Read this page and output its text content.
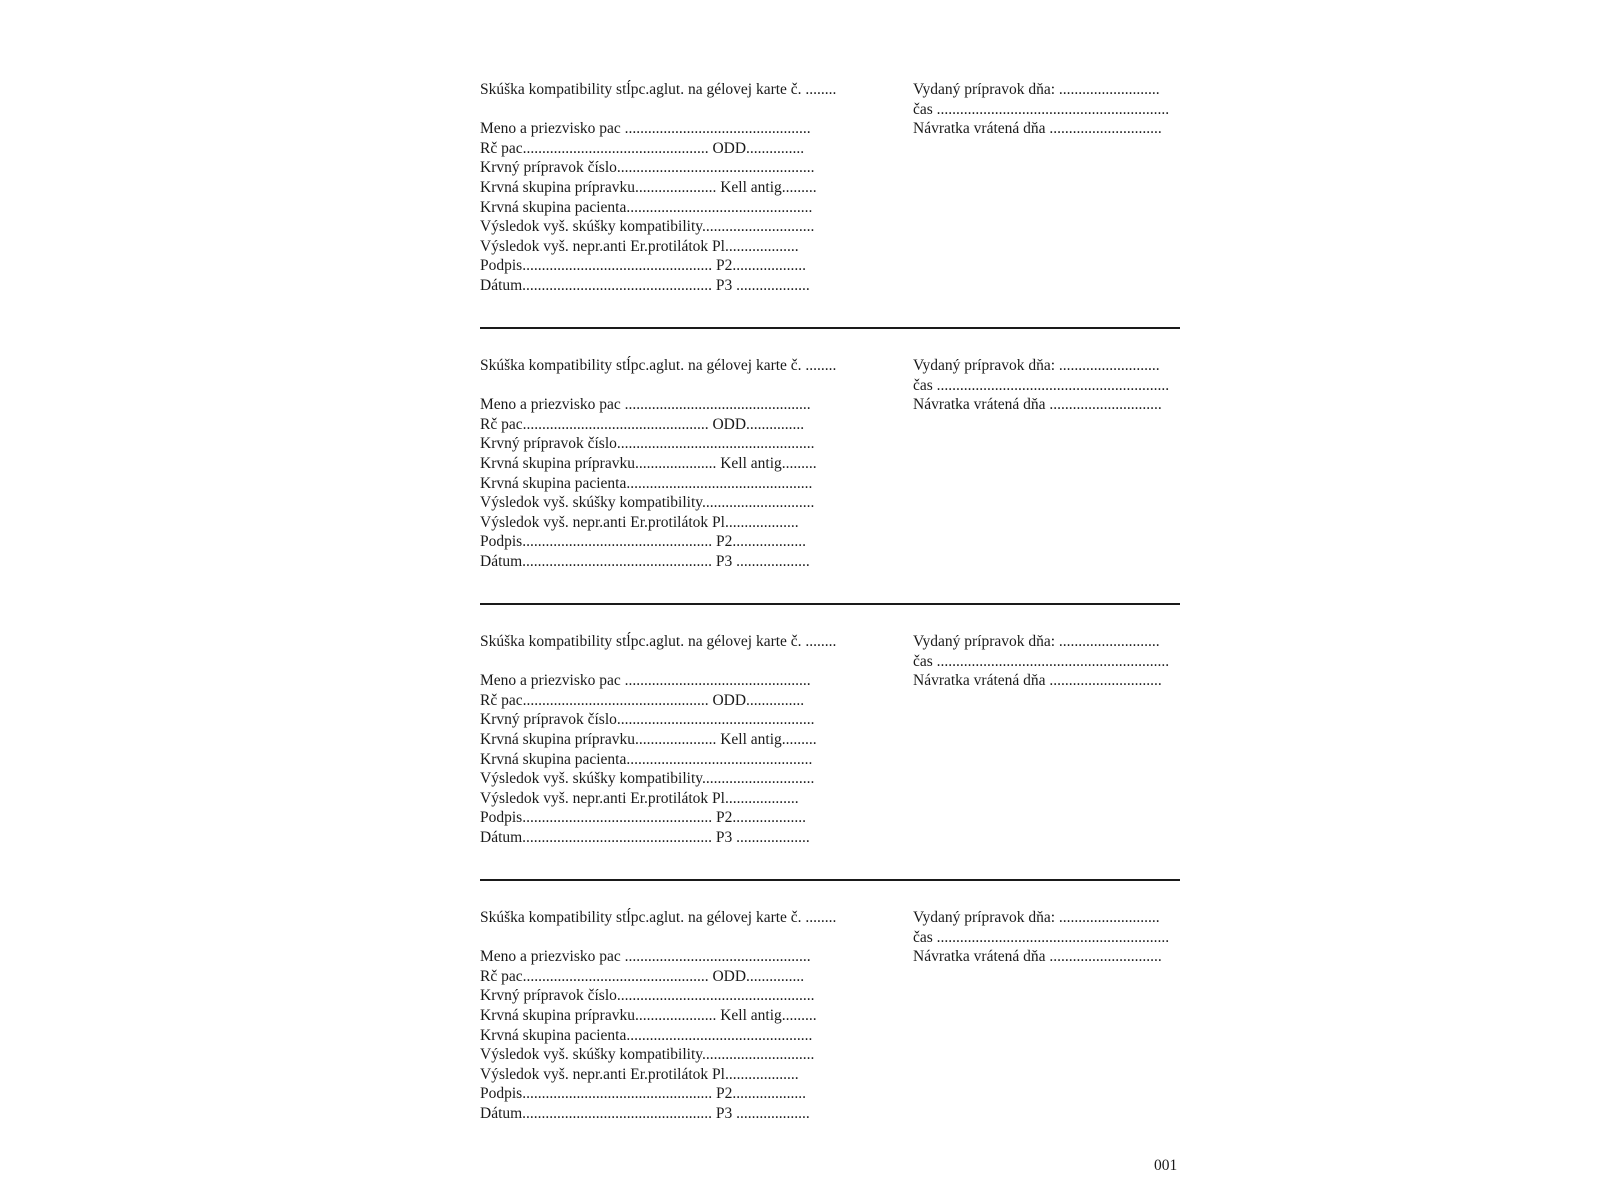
Skúška kompatibility stĺpc.aglut. na gélovej karte č. ........
Meno a priezvisko pac ................................................
Rč pac................................................ ODD...............
Krvný prípravok číslo...................................................
Krvná skupina prípravku..................... Kell antig.........
Krvná skupina pacienta................................................
Výsledok vyš. skúšky kompatibility.............................
Výsledok vyš. nepr.anti Er.protilátok Pl...................
Podpis................................................. P2...................
Dátum................................................. P3 ...................
Vydaný prípravok dňa: ..........................
čas ............................................................
Návratka vrátená dňa .............................
Skúška kompatibility stĺpc.aglut. na gélovej karte č. ........
Meno a priezvisko pac ................................................
Rč pac................................................ ODD...............
Krvný prípravok číslo...................................................
Krvná skupina prípravku..................... Kell antig.........
Krvná skupina pacienta................................................
Výsledok vyš. skúšky kompatibility.............................
Výsledok vyš. nepr.anti Er.protilátok Pl...................
Podpis................................................. P2...................
Dátum................................................. P3 ...................
Vydaný prípravok dňa: ..........................
čas ............................................................
Návratka vrátená dňa .............................
Skúška kompatibility stĺpc.aglut. na gélovej karte č. ........
Meno a priezvisko pac ................................................
Rč pac................................................ ODD...............
Krvný prípravok číslo...................................................
Krvná skupina prípravku..................... Kell antig.........
Krvná skupina pacienta................................................
Výsledok vyš. skúšky kompatibility.............................
Výsledok vyš. nepr.anti Er.protilátok Pl...................
Podpis................................................. P2...................
Dátum................................................. P3 ...................
Vydaný prípravok dňa: ..........................
čas ............................................................
Návratka vrátená dňa .............................
Skúška kompatibility stĺpc.aglut. na gélovej karte č. ........
Meno a priezvisko pac ................................................
Rč pac................................................ ODD...............
Krvný prípravok číslo...................................................
Krvná skupina prípravku..................... Kell antig.........
Krvná skupina pacienta................................................
Výsledok vyš. skúšky kompatibility.............................
Výsledok vyš. nepr.anti Er.protilátok Pl...................
Podpis................................................. P2...................
Dátum................................................. P3 ...................
Vydaný prípravok dňa: ..........................
čas ............................................................
Návratka vrátená dňa .............................
001
